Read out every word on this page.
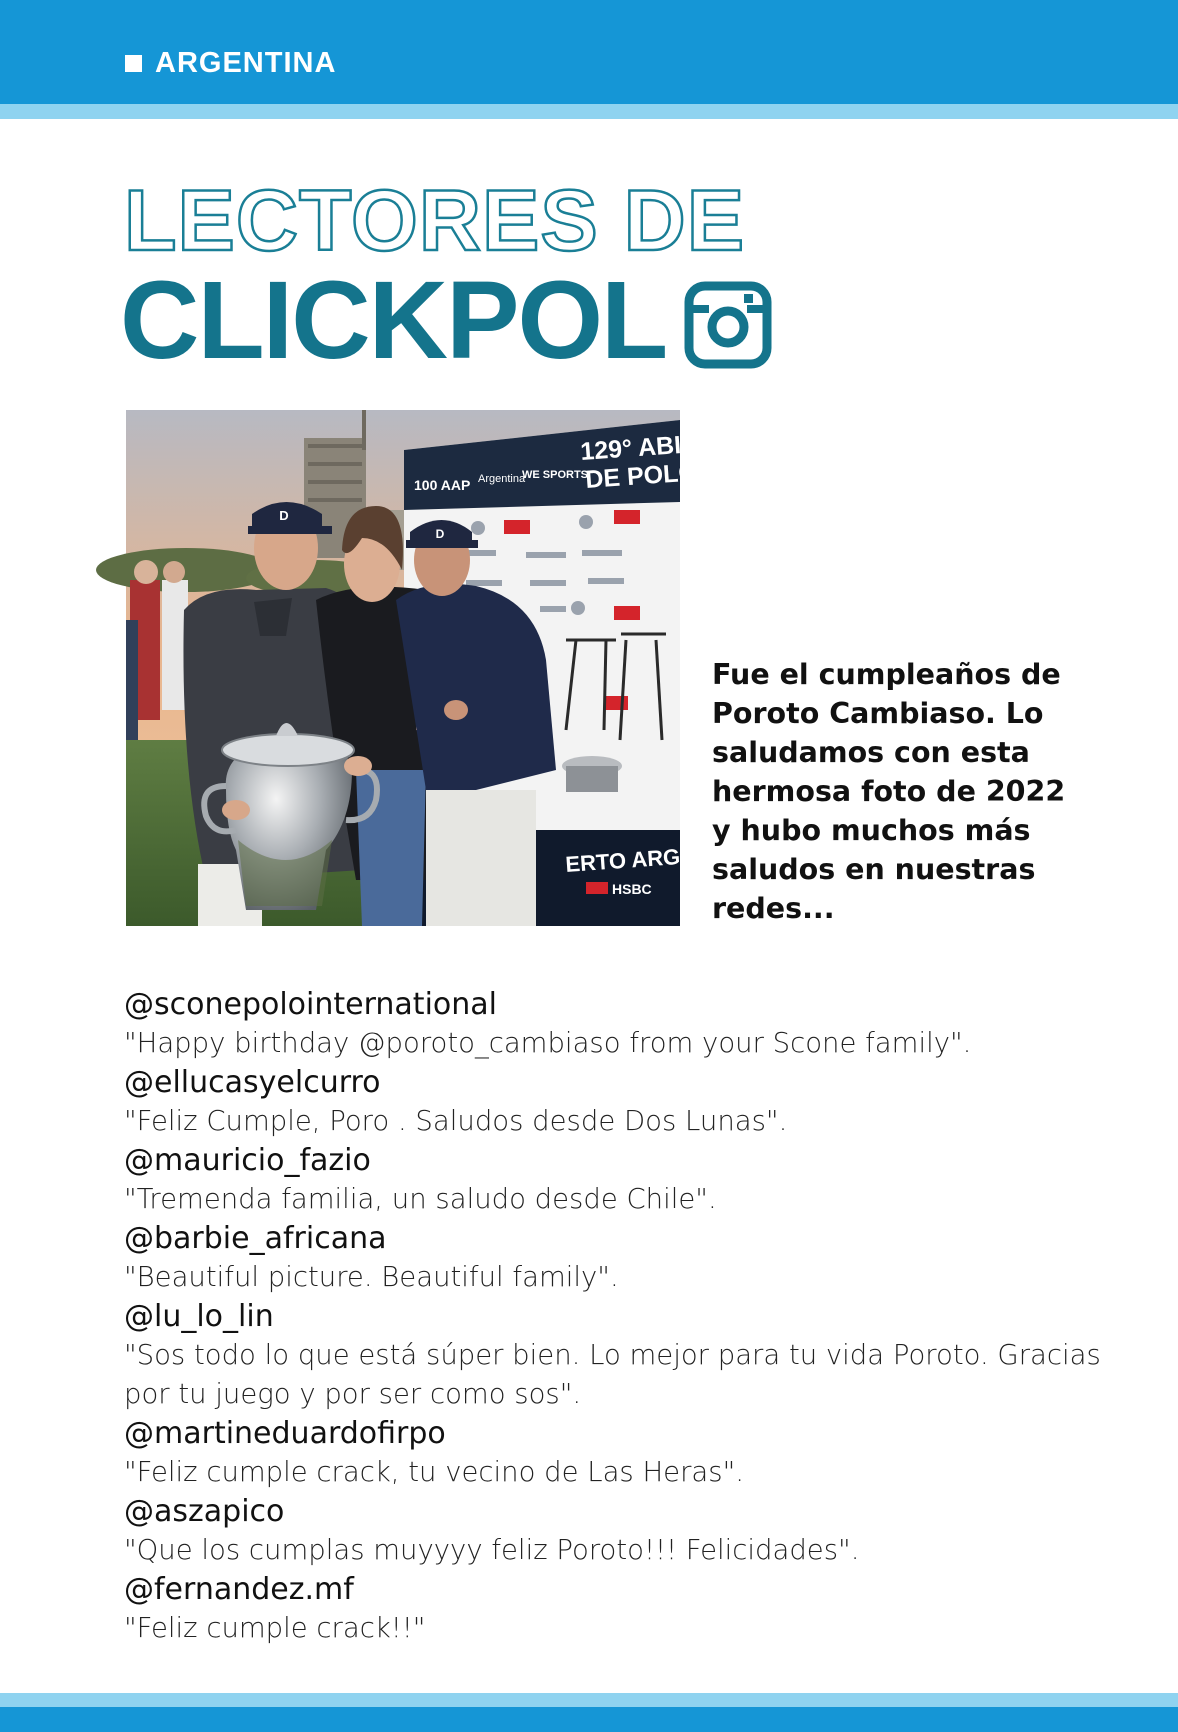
ARGENTINA
LECTORES DE
CLICKPOL
129° ABIERTO
DE POLO
100 AAP Argentina
WE SPORTS
ERTO ARGENTINO
HSBC
D
D
Fue el cumpleaños de Poroto Cambiaso. Lo saludamos con esta hermosa foto de 2022 y hubo muchos más saludos en nuestras redes...
@sconepolointernational
"Happy birthday @poroto_cambiaso from your Scone family".
@ellucasyelcurro
"Feliz Cumple, Poro . Saludos desde Dos Lunas".
@mauricio_fazio
"Tremenda familia, un saludo desde Chile".
@barbie_africana
"Beautiful picture. Beautiful family".
@lu_lo_lin
"Sos todo lo que está súper bien. Lo mejor para tu vida Poroto. Gracias por tu juego y por ser como sos".
@martineduardofirpo
"Feliz cumple crack, tu vecino de Las Heras".
@aszapico
"Que los cumplas muyyyy feliz Poroto!!! Felicidades".
@fernandez.mf
"Feliz cumple crack!!"
